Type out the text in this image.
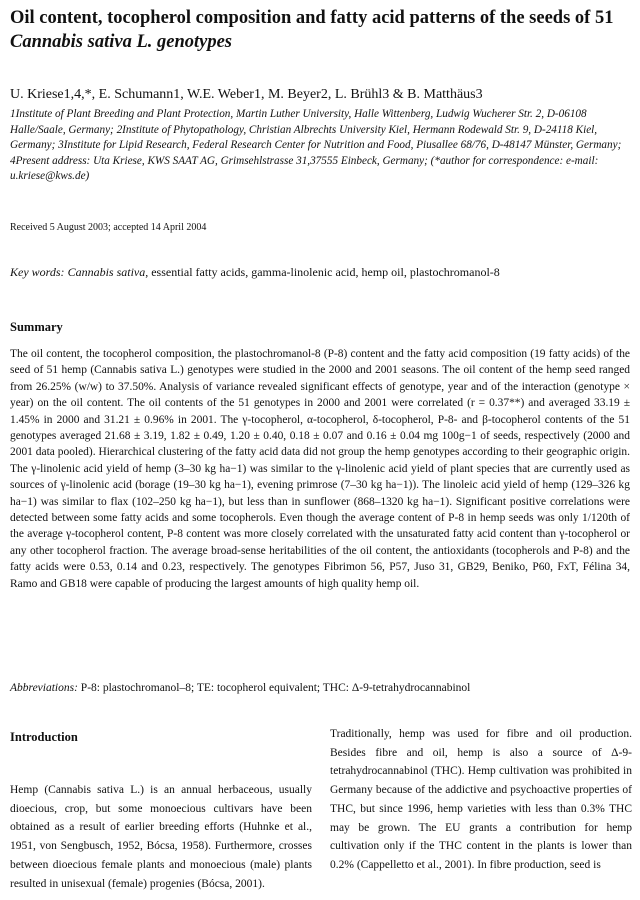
Oil content, tocopherol composition and fatty acid patterns of the seeds of 51
Cannabis sativa L. genotypes
U. Kriese1,4,*, E. Schumann1, W.E. Weber1, M. Beyer2, L. Brühl3 & B. Matthäus3
1Institute of Plant Breeding and Plant Protection, Martin Luther University, Halle Wittenberg, Ludwig Wucherer Str. 2, D-06108 Halle/Saale, Germany; 2Institute of Phytopathology, Christian Albrechts University Kiel, Hermann Rodewald Str. 9, D-24118 Kiel, Germany; 3Institute for Lipid Research, Federal Research Center for Nutrition and Food, Piusallee 68/76, D-48147 Münster, Germany; 4Present address: Uta Kriese, KWS SAAT AG, Grimsehlstrasse 31,37555 Einbeck, Germany; (*author for correspondence: e-mail: u.kriese@kws.de)
Received 5 August 2003; accepted 14 April 2004
Key words: Cannabis sativa, essential fatty acids, gamma-linolenic acid, hemp oil, plastochromanol-8
Summary

The oil content, the tocopherol composition, the plastochromanol-8 (P-8) content and the fatty acid composition (19 fatty acids) of the seed of 51 hemp (Cannabis sativa L.) genotypes were studied in the 2000 and 2001 seasons. The oil content of the hemp seed ranged from 26.25% (w/w) to 37.50%. Analysis of variance revealed significant effects of genotype, year and of the interaction (genotype × year) on the oil content. The oil contents of the 51 genotypes in 2000 and 2001 were correlated (r = 0.37**) and averaged 33.19 ± 1.45% in 2000 and 31.21 ± 0.96% in 2001. The γ-tocopherol, α-tocopherol, δ-tocopherol, P-8- and β-tocopherol contents of the 51 genotypes averaged 21.68 ± 3.19, 1.82 ± 0.49, 1.20 ± 0.40, 0.18 ± 0.07 and 0.16 ± 0.04 mg 100g−1 of seeds, respectively (2000 and 2001 data pooled). Hierarchical clustering of the fatty acid data did not group the hemp genotypes according to their geographic origin. The γ-linolenic acid yield of hemp (3–30 kg ha−1) was similar to the γ-linolenic acid yield of plant species that are currently used as sources of γ-linolenic acid (borage (19–30 kg ha−1), evening primrose (7–30 kg ha−1)). The linoleic acid yield of hemp (129–326 kg ha−1) was similar to flax (102–250 kg ha−1), but less than in sunflower (868–1320 kg ha−1). Significant positive correlations were detected between some fatty acids and some tocopherols. Even though the average content of P-8 in hemp seeds was only 1/120th of the average γ-tocopherol content, P-8 content was more closely correlated with the unsaturated fatty acid content than γ-tocopherol or any other tocopherol fraction. The average broad-sense heritabilities of the oil content, the antioxidants (tocopherols and P-8) and the fatty acids were 0.53, 0.14 and 0.23, respectively. The genotypes Fibrimon 56, P57, Juso 31, GB29, Beniko, P60, FxT, Félina 34, Ramo and GB18 were capable of producing the largest amounts of high quality hemp oil.

Abbreviations: P-8: plastochromanol–8; TE: tocopherol equivalent; THC: Δ-9-tetrahydrocannabinol

Introduction

Hemp (Cannabis sativa L.) is an annual herbaceous, usually dioecious, crop, but some monoecious cultivars have been obtained as a result of earlier breeding efforts (Huhnke et al., 1951, von Sengbusch, 1952, Bócsa, 1958). Furthermore, crosses between dioecious female plants and monoecious (male) plants resulted in unisexual (female) progenies (Bócsa, 2001).

Traditionally, hemp was used for fibre and oil production. Besides fibre and oil, hemp is also a source of Δ-9-tetrahydrocannabinol (THC). Hemp cultivation was prohibited in Germany because of the addictive and psychoactive properties of THC, but since 1996, hemp varieties with less than 0.3% THC may be grown. The EU grants a contribution for hemp cultivation only if the THC content in the plants is lower than 0.2% (Cappelletto et al., 2001). In fibre production, seed is
